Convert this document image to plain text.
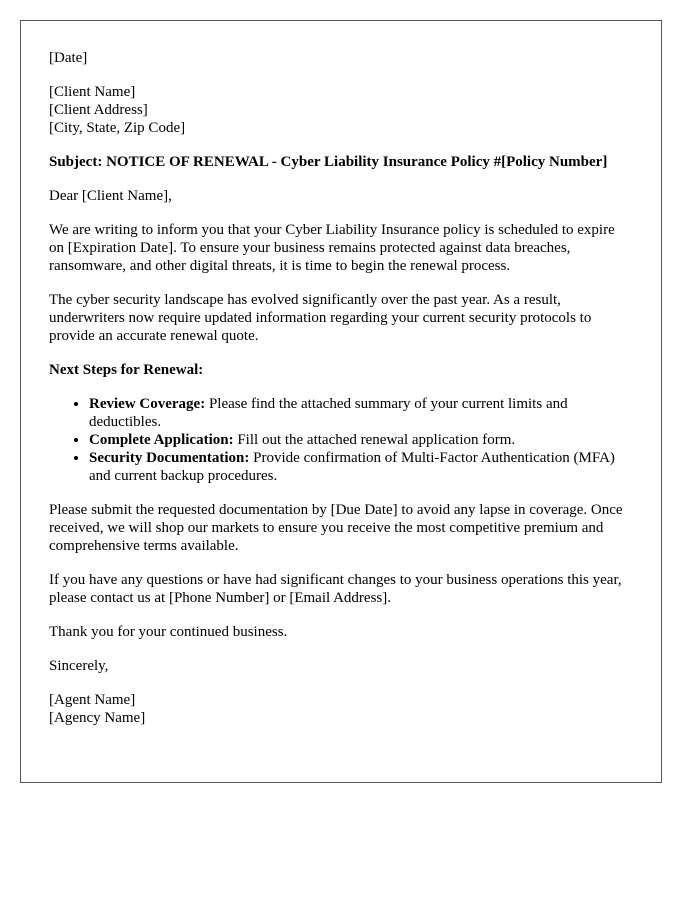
[Date]

[Client Name]
[Client Address]
[City, State, Zip Code]

Subject: NOTICE OF RENEWAL - Cyber Liability Insurance Policy #[Policy Number]

Dear [Client Name],

We are writing to inform you that your Cyber Liability Insurance policy is scheduled to expire on [Expiration Date]. To ensure your business remains protected against data breaches, ransomware, and other digital threats, it is time to begin the renewal process.

The cyber security landscape has evolved significantly over the past year. As a result, underwriters now require updated information regarding your current security protocols to provide an accurate renewal quote.

Next Steps for Renewal:

• Review Coverage: Please find the attached summary of your current limits and deductibles.
• Complete Application: Fill out the attached renewal application form.
• Security Documentation: Provide confirmation of Multi-Factor Authentication (MFA) and current backup procedures.

Please submit the requested documentation by [Due Date] to avoid any lapse in coverage. Once received, we will shop our markets to ensure you receive the most competitive premium and comprehensive terms available.

If you have any questions or have had significant changes to your business operations this year, please contact us at [Phone Number] or [Email Address].

Thank you for your continued business.

Sincerely,

[Agent Name]
[Agency Name]
